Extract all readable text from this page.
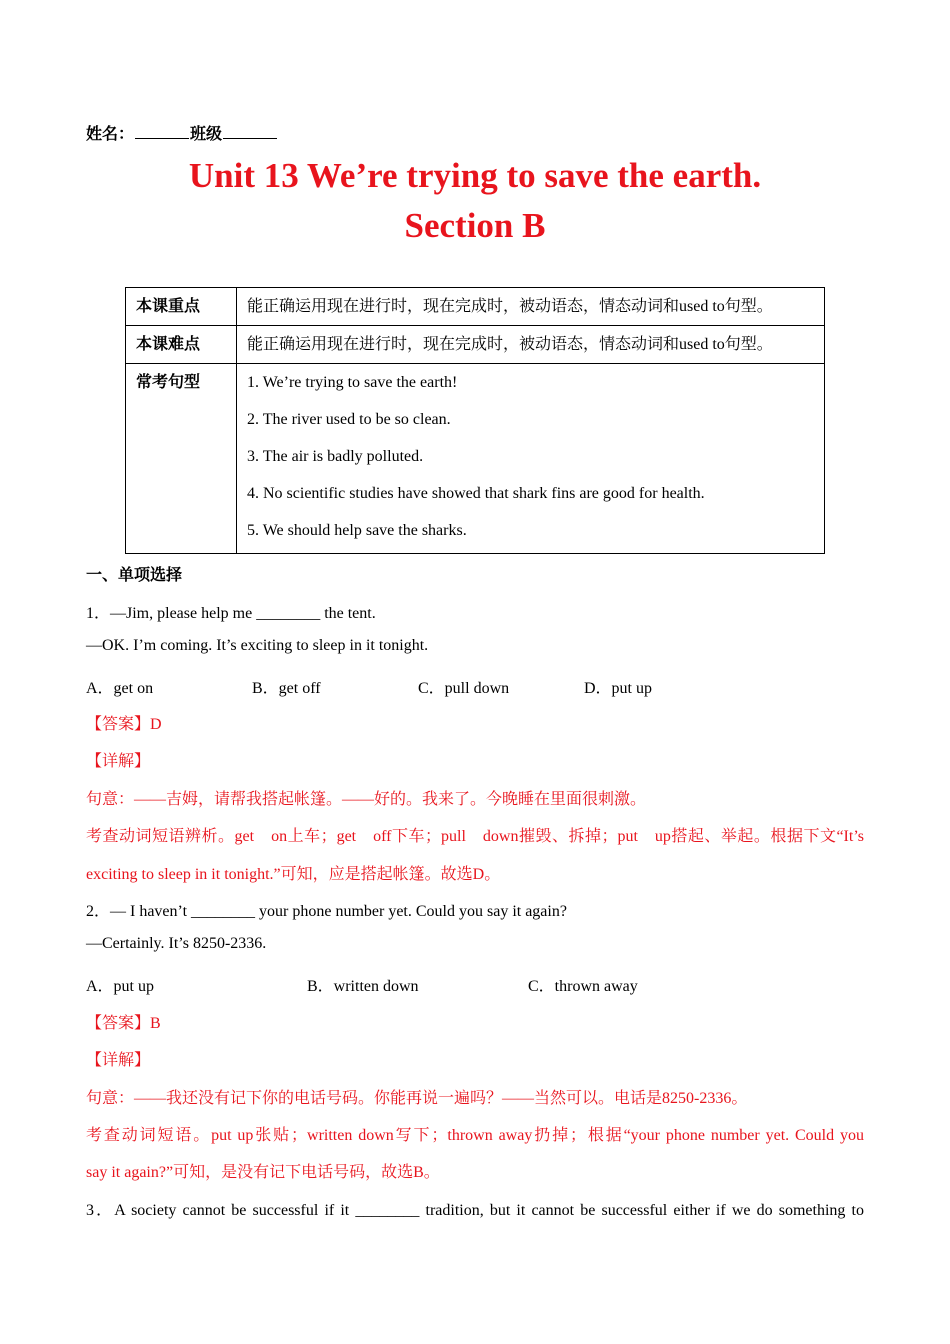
姓名：	班级
Unit 13 We’re trying to save the earth.
Section B
本课重点	能正确运用现在进行时，现在完成时，被动语态，情态动词和used to句型。
本课难点	能正确运用现在进行时，现在完成时，被动语态，情态动词和used to句型。
常考句型	1. We’re trying to save the earth!
2. The river used to be so clean.
3. The air is badly polluted.
4. No scientific studies have showed that shark fins are good for health.
5. We should help save the sharks.
一、单项选择
1．—Jim, please help me ________ the tent.
—OK. I’m coming. It’s exciting to sleep in it tonight.
A．get on	B．get off	C．pull down	D．put up
【答案】D
【详解】
句意：——吉姆，请帮我搭起帐篷。——好的。我来了。今晚睡在里面很刺激。
考查动词短语辨析。get　on上车；get　off下车；pull　down摧毁、拆掉；put　up搭起、举起。根据下文“It’s
exciting to sleep in it tonight.”可知，应是搭起帐篷。故选D。
2．— I haven’t ________ your phone number yet. Could you say it again?
—Certainly. It’s 8250-2336.
A．put up	B．written down	C．thrown away
【答案】B
【详解】
句意：——我还没有记下你的电话号码。你能再说一遍吗？——当然可以。电话是8250-2336。
考查动词短语。put up张贴；written down写下；thrown away扔掉；根据“your phone number yet. Could you
say it again?”可知，是没有记下电话号码，故选B。
3．A society cannot be successful if it ________ tradition, but it cannot be successful either if we do something to
